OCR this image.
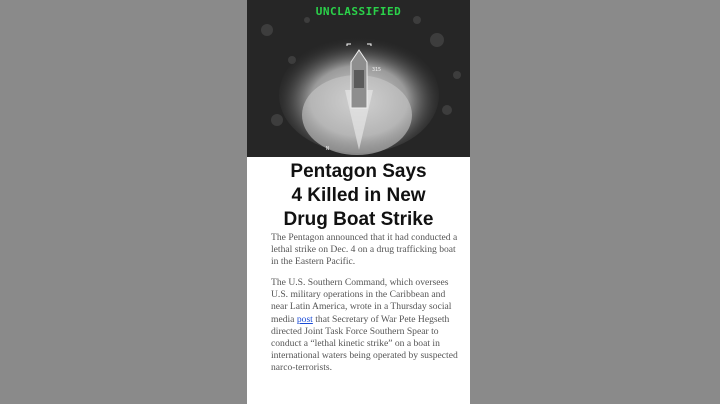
UNCLASSIFIED
315
N
Pentagon Says
4 Killed in New
Drug Boat Strike

The Pentagon announced that it had conducted a lethal strike on Dec. 4 on a drug trafficking boat in the Eastern Pacific.

The U.S. Southern Command, which oversees U.S. military operations in the Caribbean and near Latin America, wrote in a Thursday social media post that Secretary of War Pete Hegseth directed Joint Task Force Southern Spear to conduct a “lethal kinetic strike” on a boat in international waters being operated by suspected narco-terrorists.
